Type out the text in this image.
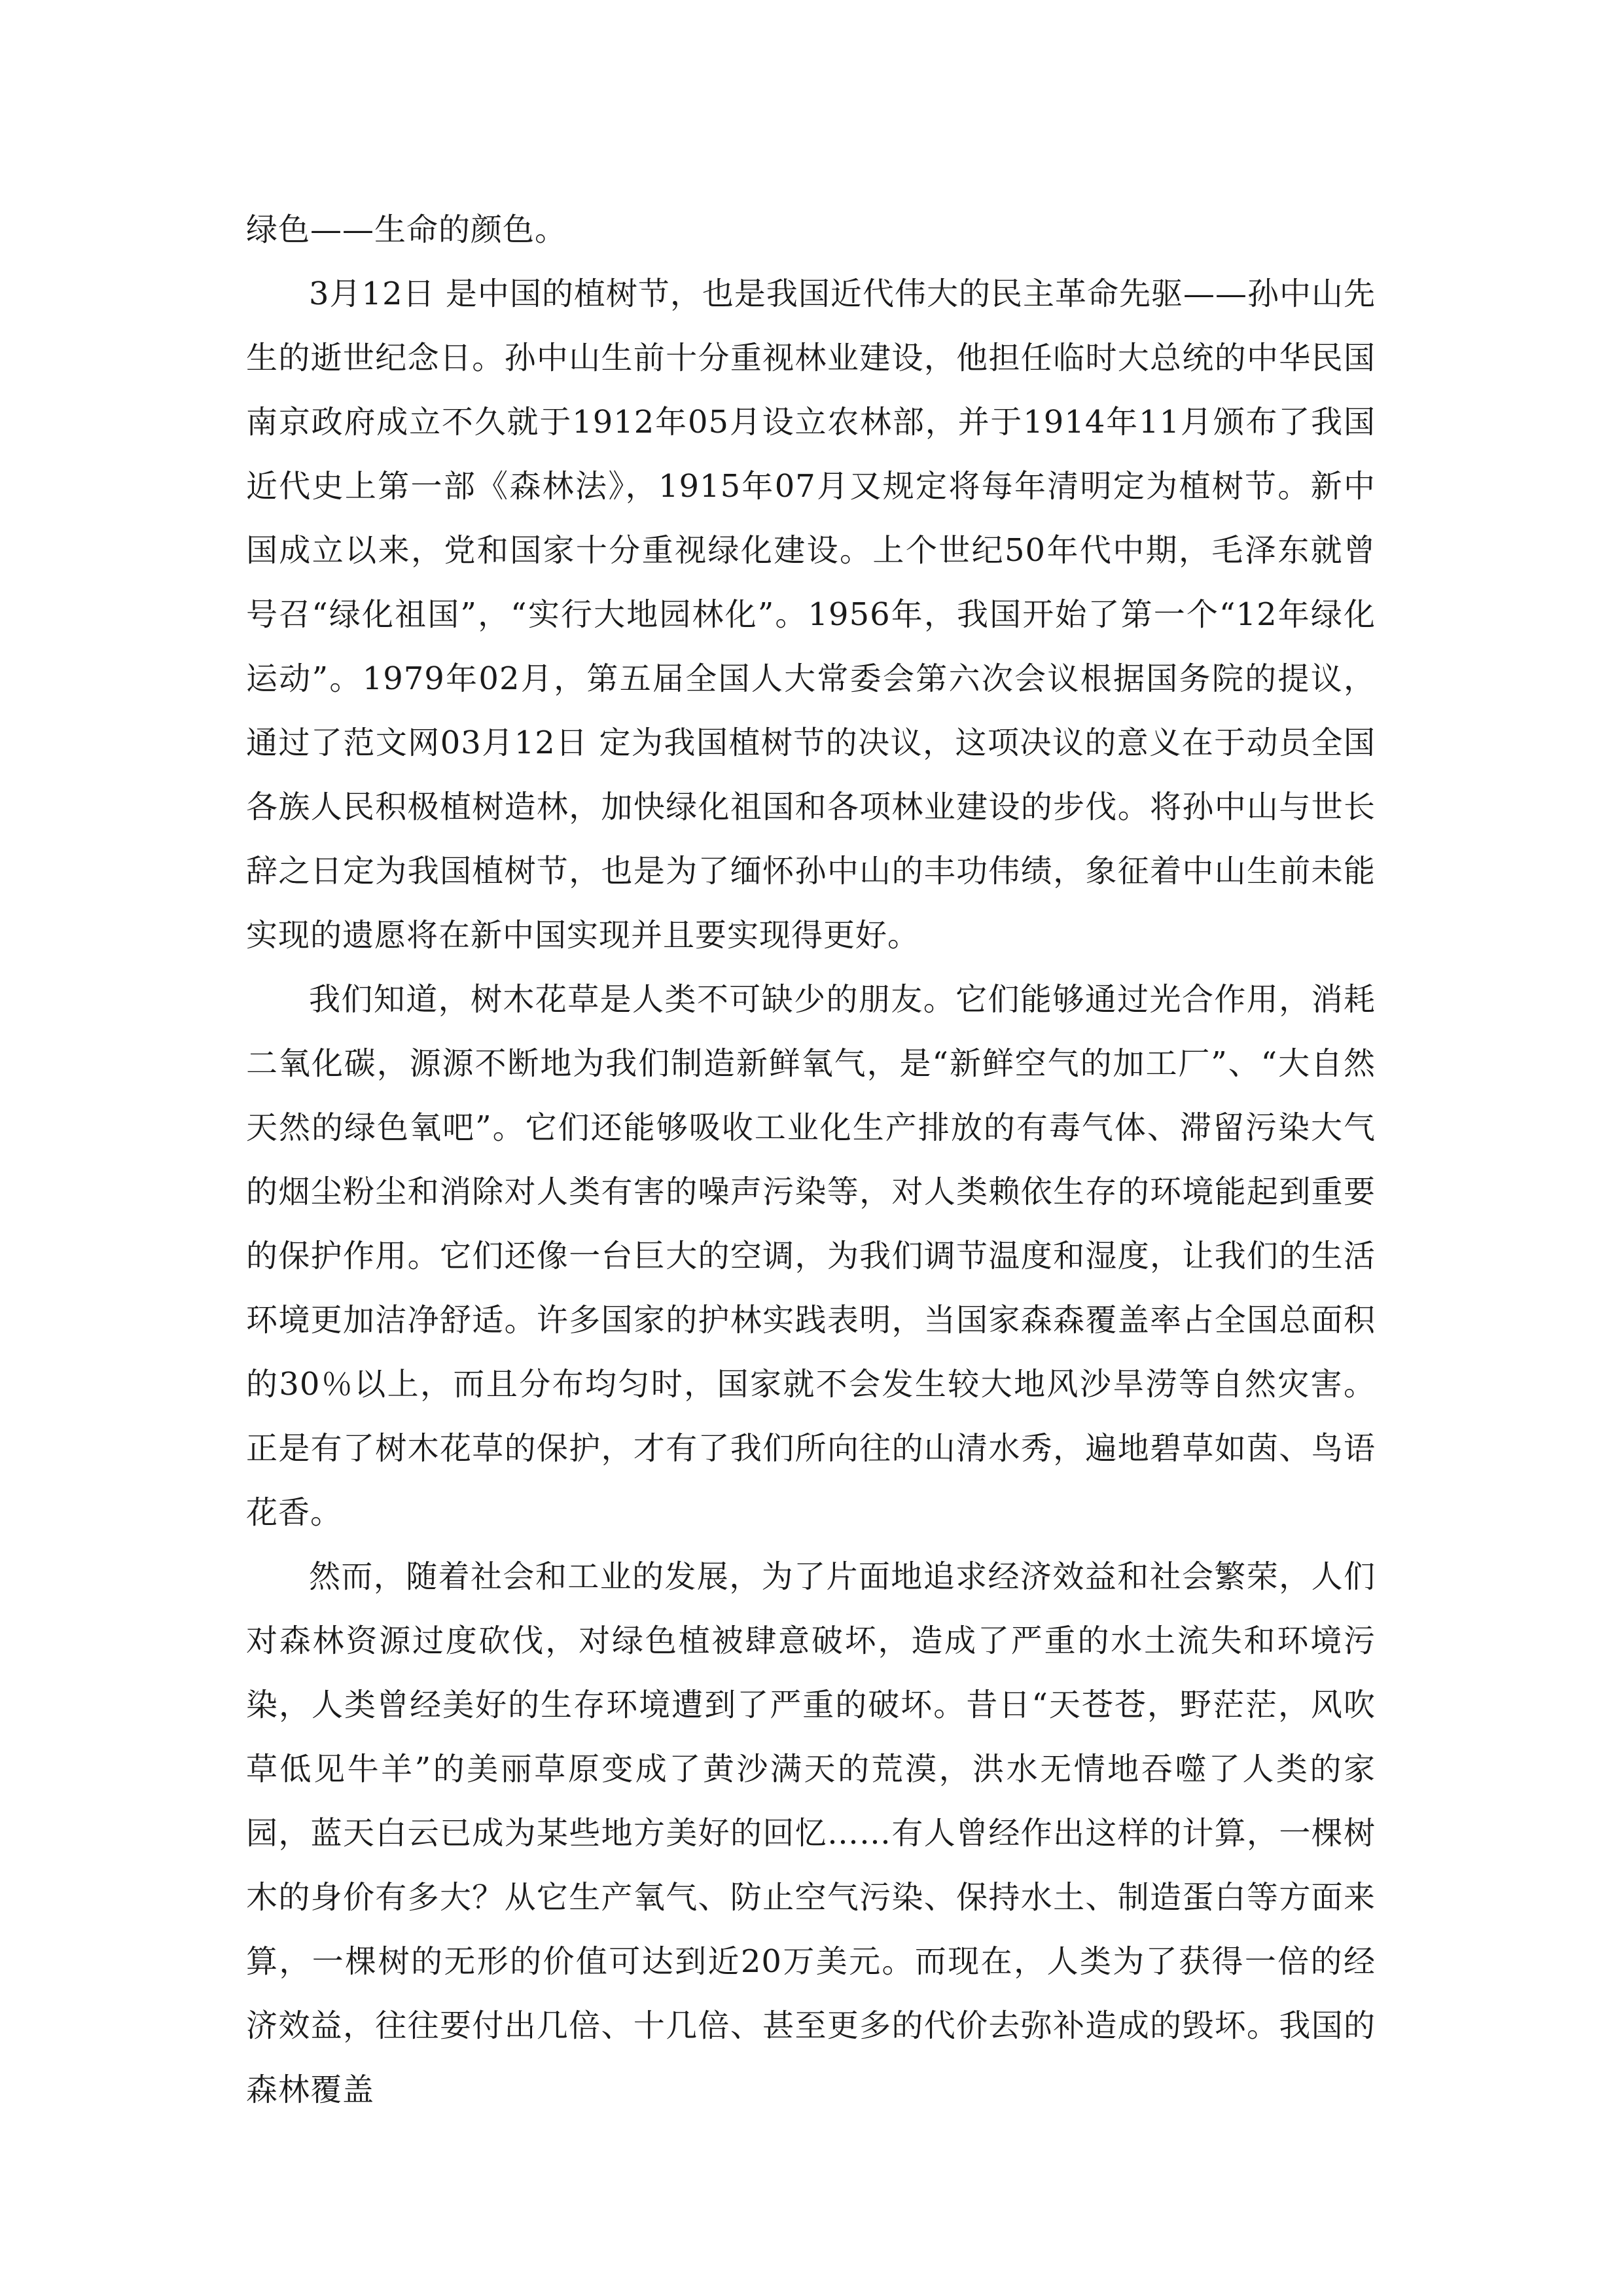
绿色——生命的颜色。

3月12日 是中国的植树节，也是我国近代伟大的民主革命先驱——孙中山先生的逝世纪念日。孙中山生前十分重视林业建设，他担任临时大总统的中华民国南京政府成立不久就于1912年05月设立农林部，并于1914年11月颁布了我国近代史上第一部《森林法》，1915年07月又规定将每年清明定为植树节。新中国成立以来，党和国家十分重视绿化建设。上个世纪50年代中期，毛泽东就曾号召“绿化祖国”，“实行大地园林化”。1956年，我国开始了第一个“12年绿化运动”。1979年02月，第五届全国人大常委会第六次会议根据国务院的提议，通过了范文网03月12日 定为我国植树节的决议，这项决议的意义在于动员全国各族人民积极植树造林，加快绿化祖国和各项林业建设的步伐。将孙中山与世长辞之日定为我国植树节，也是为了缅怀孙中山的丰功伟绩，象征着中山生前未能实现的遗愿将在新中国实现并且要实现得更好。

我们知道，树木花草是人类不可缺少的朋友。它们能够通过光合作用，消耗二氧化碳，源源不断地为我们制造新鲜氧气，是“新鲜空气的加工厂”、“大自然天然的绿色氧吧”。它们还能够吸收工业化生产排放的有毒气体、滞留污染大气的烟尘粉尘和消除对人类有害的噪声污染等，对人类赖依生存的环境能起到重要的保护作用。它们还像一台巨大的空调，为我们调节温度和湿度，让我们的生活环境更加洁净舒适。许多国家的护林实践表明，当国家森森覆盖率占全国总面积的30％以上，而且分布均匀时，国家就不会发生较大地风沙旱涝等自然灾害。正是有了树木花草的保护，才有了我们所向往的山清水秀，遍地碧草如茵、鸟语花香。

然而，随着社会和工业的发展，为了片面地追求经济效益和社会繁荣，人们对森林资源过度砍伐，对绿色植被肆意破坏，造成了严重的水土流失和环境污染，人类曾经美好的生存环境遭到了严重的破坏。昔日“天苍苍，野茫茫，风吹草低见牛羊”的美丽草原变成了黄沙满天的荒漠，洪水无情地吞噬了人类的家园，蓝天白云已成为某些地方美好的回忆……有人曾经作出这样的计算，一棵树木的身价有多大？从它生产氧气、防止空气污染、保持水土、制造蛋白等方面来算，一棵树的无形的价值可达到近20万美元。而现在，人类为了获得一倍的经济效益，往往要付出几倍、十几倍、甚至更多的代价去弥补造成的毁坏。我国的森林覆盖
